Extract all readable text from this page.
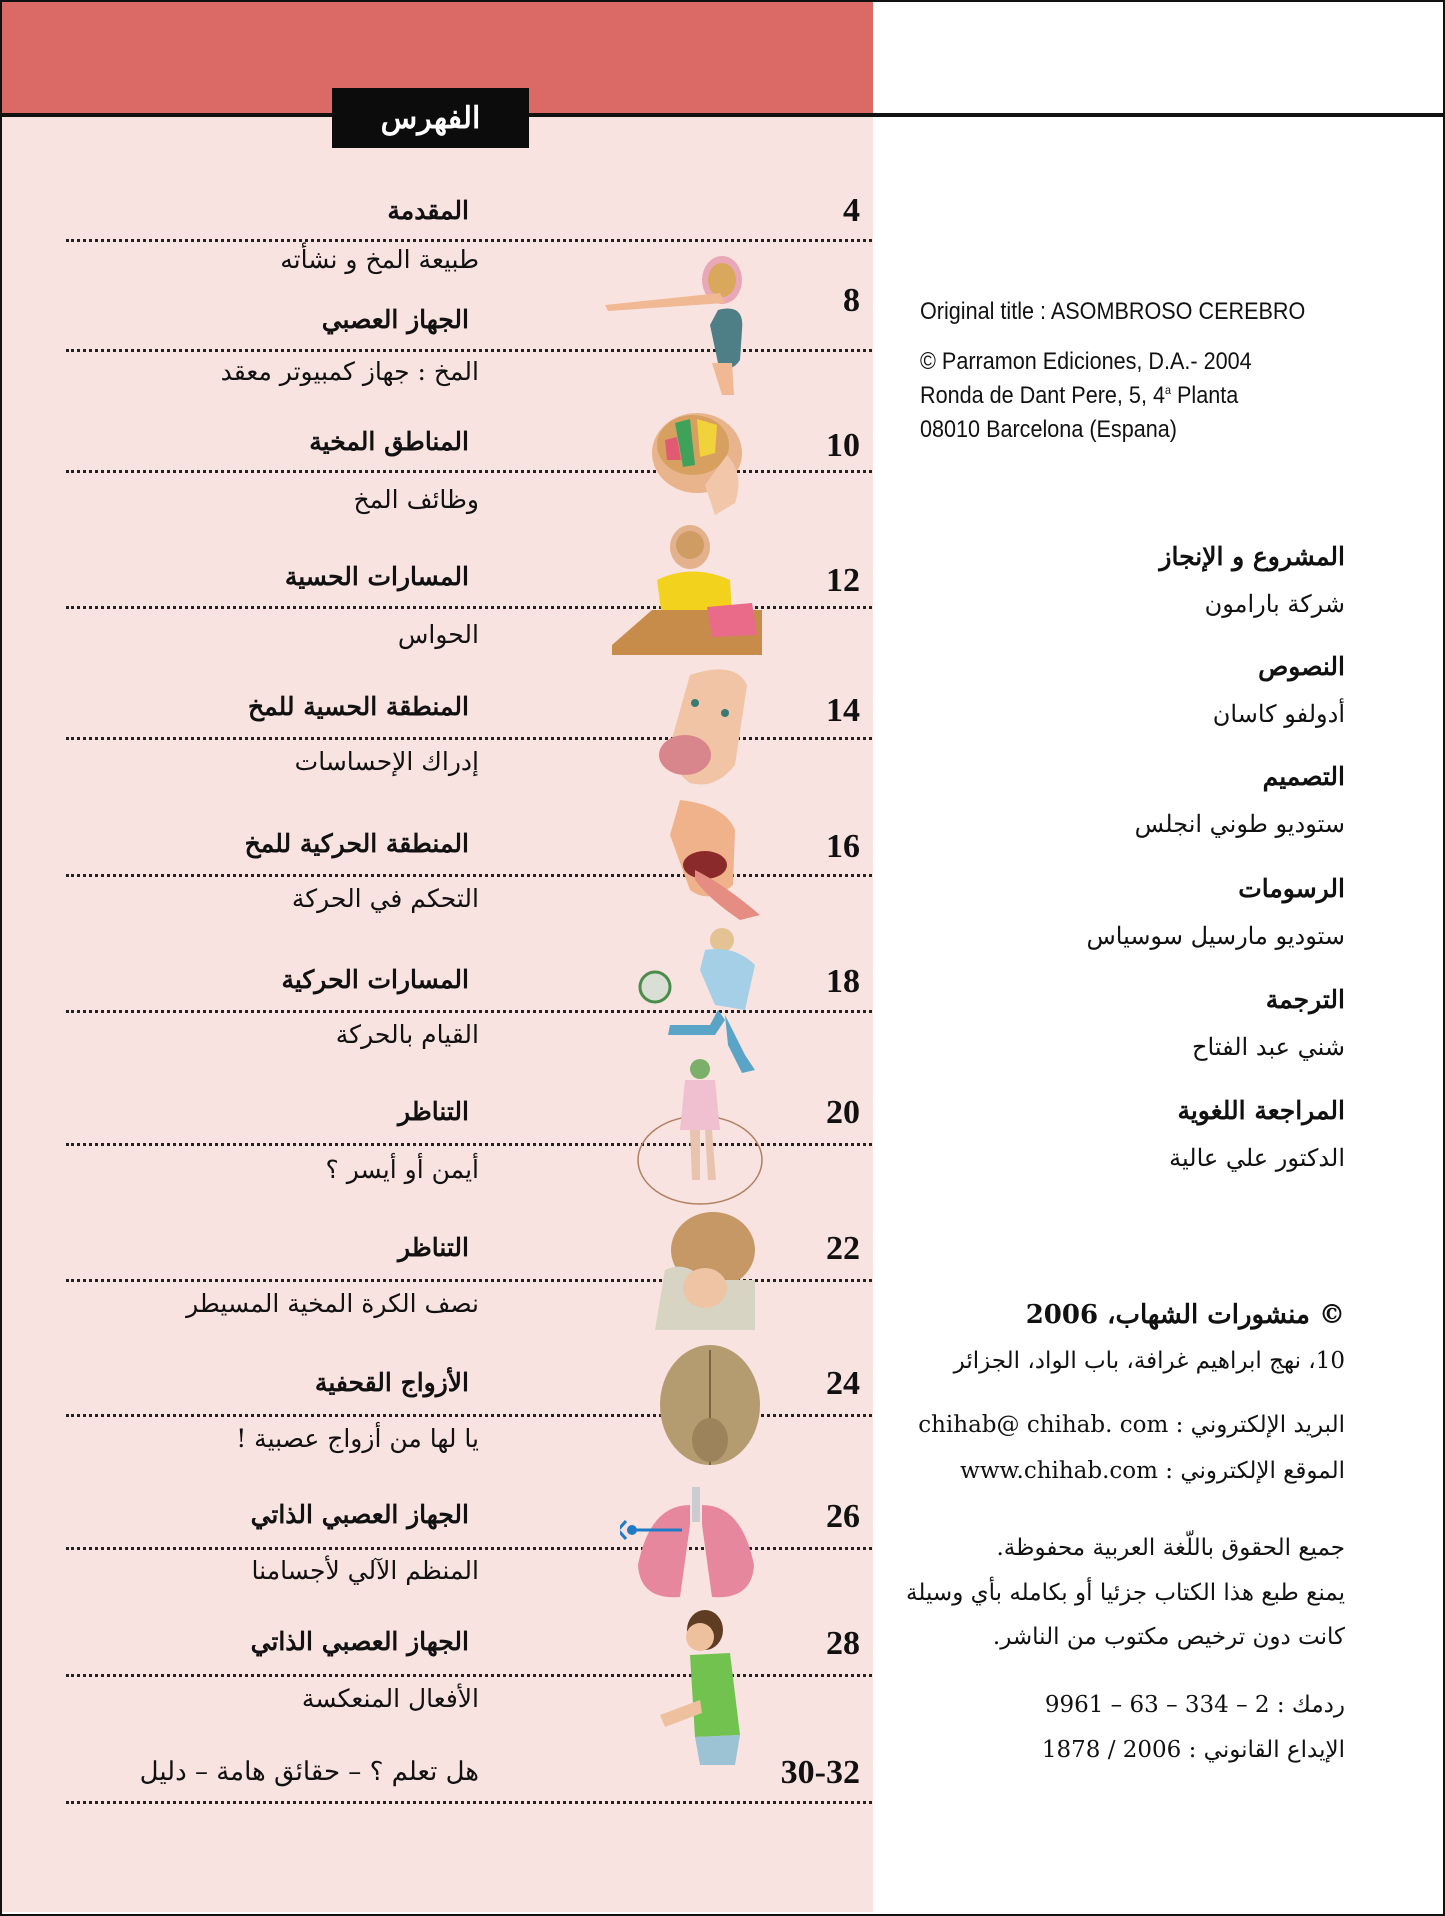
الفهرس
4
المقدمة
طبيعة المخ و نشأته
8
الجهاز العصبي
المخ : جهاز كمبيوتر معقد
10
المناطق المخية
وظائف المخ
12
المسارات الحسية
الحواس
14
المنطقة الحسية للمخ
إدراك الإحساسات
16
المنطقة الحركية للمخ
التحكم في الحركة
18
المسارات الحركية
القيام بالحركة
20
التناظر
أيمن أو أيسر ؟
22
التناظر
نصف الكرة المخية المسيطر
24
الأزواج القحفية
يا لها من أزواج عصبية !
26
الجهاز العصبي الذاتي
المنظم الآلي لأجسامنا
28
الجهاز العصبي الذاتي
الأفعال المنعكسة
30-32
هل تعلم ؟ – حقائق هامة – دليل
Original title : ASOMBROSO CEREBRO
© Parramon Ediciones, D.A.- 2004
Ronda de Dant Pere, 5, 4$^a$ Planta
08010 Barcelona (Espana)
المشروع و الإنجاز
شركة بارامون
النصوص
أدولفو كاسان
التصميم
ستوديو طوني انجلس
الرسومات
ستوديو مارسيل سوسياس
الترجمة
شني عبد الفتاح
المراجعة اللغوية
الدكتور علي عالية
© منشورات الشهاب، 2006
10، نهج ابراهيم غرافة، باب الواد، الجزائر
البريد الإلكتروني : chihab@ chihab. com
الموقع الإلكتروني : www.chihab.com
جميع الحقوق باللّغة العربية محفوظة.
يمنع طبع هذا الكتاب جزئيا أو بكامله بأي وسيلة
كانت دون ترخيص مكتوب من الناشر.
ردمك : 2 – 334 – 63 – 9961
الإيداع القانوني : 2006 / 1878
